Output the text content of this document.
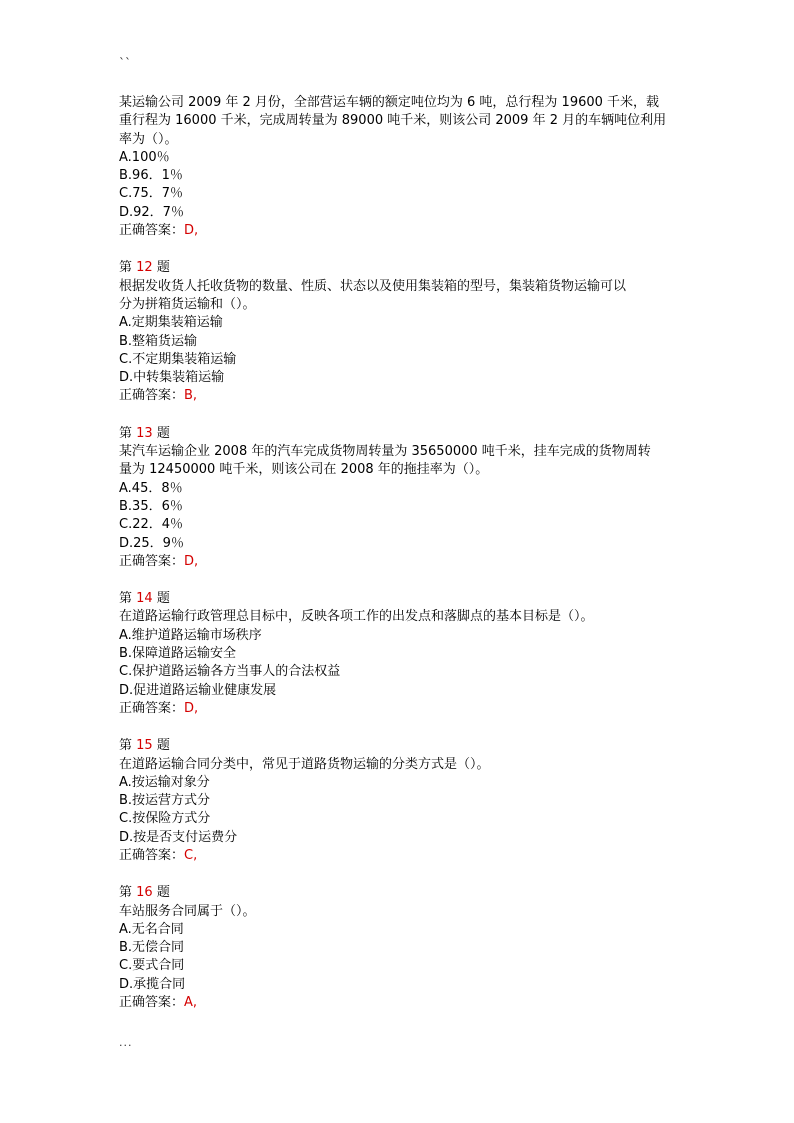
``
某运输公司 2009 年 2 月份，全部营运车辆的额定吨位均为 6 吨，总行程为 19600 千米，载
重行程为 16000 千米，完成周转量为 89000 吨千米，则该公司 2009 年 2 月的车辆吨位利用
率为（）。
A.100％
B.96．1％
C.75．7％
D.92．7％
正确答案：D,
第 12 题
根据发收货人托收货物的数量、性质、状态以及使用集装箱的型号，集装箱货物运输可以
分为拼箱货运输和（）。
A.定期集装箱运输
B.整箱货运输
C.不定期集装箱运输
D.中转集装箱运输
正确答案：B,
第 13 题
某汽车运输企业 2008 年的汽车完成货物周转量为 35650000 吨千米，挂车完成的货物周转
量为 12450000 吨千米，则该公司在 2008 年的拖挂率为（）。
A.45．8％
B.35．6％
C.22．4％
D.25．9％
正确答案：D,
第 14 题
在道路运输行政管理总目标中，反映各项工作的出发点和落脚点的基本目标是（）。
A.维护道路运输市场秩序
B.保障道路运输安全
C.保护道路运输各方当事人的合法权益
D.促进道路运输业健康发展
正确答案：D,
第 15 题
在道路运输合同分类中，常见于道路货物运输的分类方式是（）。
A.按运输对象分
B.按运营方式分
C.按保险方式分
D.按是否支付运费分
正确答案：C,
第 16 题
车站服务合同属于（）。
A.无名合同
B.无偿合同
C.要式合同
D.承揽合同
正确答案：A,
...
